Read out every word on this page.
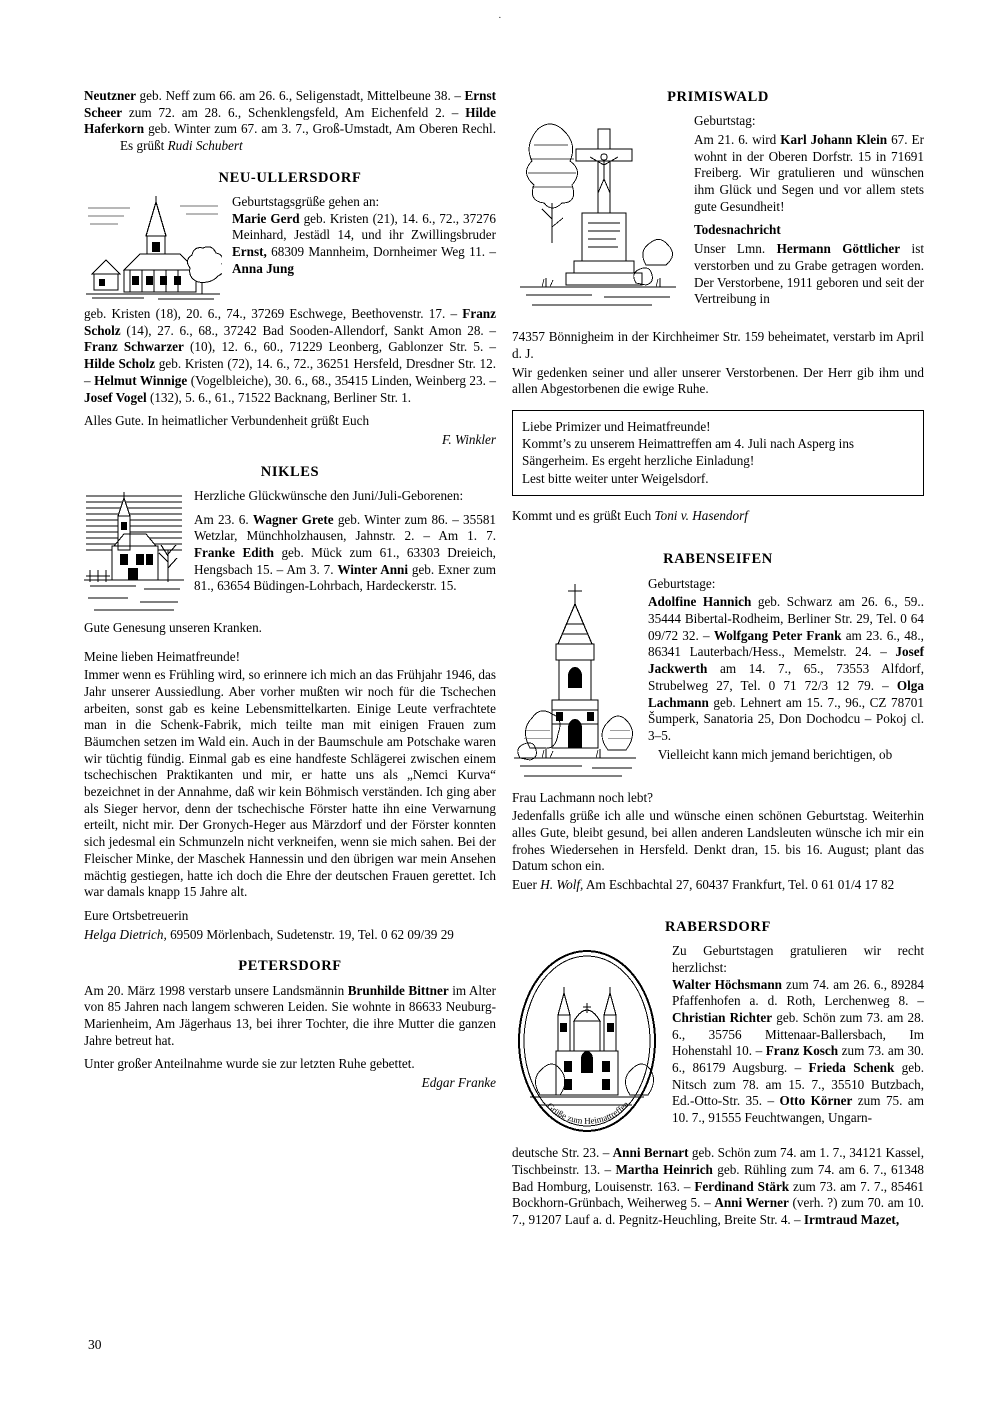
·
Neutzner geb. Neff zum 66. am 26. 6., Seligenstadt, Mittelbeune 38. – Ernst Scheer zum 72. am 28. 6., Schenklengsfeld, Am Eichenfeld 2. – Hilde Haferkorn geb. Winter zum 67. am 3. 7., Groß-Umstadt, Am Oberen Rechl. Es grüßt Rudi Schubert
NEU-ULLERSDORF
Geburtstagsgrüße gehen an:
Marie Gerd geb. Kristen (21), 14. 6., 72., 37276 Meinhard, Jestädl 14, und ihr Zwillingsbruder Ernst, 68309 Mannheim, Dornheimer Weg 11. – Anna Jung
geb. Kristen (18), 20. 6., 74., 37269 Eschwege, Beethovenstr. 17. – Franz Scholz (14), 27. 6., 68., 37242 Bad Sooden-Allendorf, Sankt Amon 28. – Franz Schwarzer (10), 12. 6., 60., 71229 Leonberg, Gablonzer Str. 5. – Hilde Scholz geb. Kristen (72), 14. 6., 72., 36251 Hersfeld, Dresdner Str. 12. – Helmut Winnige (Vogelbleiche), 30. 6., 68., 35415 Linden, Weinberg 23. – Josef Vogel (132), 5. 6., 61., 71522 Backnang, Berliner Str. 1.
Alles Gute. In heimatlicher Verbundenheit grüßt Euch
F. Winkler
NIKLES
Herzliche Glückwünsche den Juni/Juli-Geborenen:
Am 23. 6. Wagner Grete geb. Winter zum 86. – 35581 Wetzlar, Münchholzhausen, Jahnstr. 2. – Am 1. 7. Franke Edith geb. Mück zum 61., 63303 Dreieich, Hengsbach 15. – Am 3. 7. Winter Anni geb. Exner zum 81., 63654 Büdingen-Lohrbach, Hardeckerstr. 15.
Gute Genesung unseren Kranken.
Meine lieben Heimatfreunde!
Immer wenn es Frühling wird, so erinnere ich mich an das Frühjahr 1946, das Jahr unserer Aussiedlung. Aber vorher mußten wir noch für die Tschechen arbeiten, sonst gab es keine Lebensmittelkarten. Einige Leute verfrachtete man in die Schenk-Fabrik, mich teilte man mit einigen Frauen zum Bäumchen setzen im Wald ein. Auch in der Baumschule am Potschake waren wir tüchtig fündig. Einmal gab es eine handfeste Schlägerei zwischen einem tschechischen Praktikanten und mir, er hatte uns als „Nemci Kurva“ bezeichnet in der Annahme, daß wir kein Böhmisch verständen. Ich ging aber als Sieger hervor, denn der tschechische Förster hatte ihn eine Verwarnung erteilt, nicht mir. Der Gronych-Heger aus Märzdorf und der Förster konnten sich jedesmal ein Schmunzeln nicht verkneifen, wenn sie mich sahen. Bei der Fleischer Minke, der Maschek Hannessin und den übrigen war mein Ansehen mächtig gestiegen, hatte ich doch die Ehre der deutschen Frauen gerettet. Ich war damals knapp 15 Jahre alt.
Eure Ortsbetreuerin
Helga Dietrich, 69509 Mörlenbach, Sudetenstr. 19, Tel. 0 62 09/39 29
PETERSDORF
Am 20. März 1998 verstarb unsere Landsmännin Brunhilde Bittner im Alter von 85 Jahren nach langem schweren Leiden. Sie wohnte in 86633 Neuburg-Marienheim, Am Jägerhaus 13, bei ihrer Tochter, die ihre Mutter die ganzen Jahre betreut hat.
Unter großer Anteilnahme wurde sie zur letzten Ruhe gebettet.
Edgar Franke
PRIMISWALD
Geburtstag:
Am 21. 6. wird Karl Johann Klein 67. Er wohnt in der Oberen Dorfstr. 15 in 71691 Freiberg. Wir gratulieren und wünschen ihm Glück und Segen und vor allem stets gute Gesundheit!
Todesnachricht
Unser Lmn. Hermann Göttlicher ist verstorben und zu Grabe getragen worden. Der Verstorbene, 1911 geboren und seit der Vertreibung in
74357 Bönnigheim in der Kirchheimer Str. 159 beheimatet, verstarb im April d. J.
Wir gedenken seiner und aller unserer Verstorbenen. Der Herr gib ihm und allen Abgestorbenen die ewige Ruhe.
Liebe Primizer und Heimatfreunde!
Kommt’s zu unserem Heimattreffen am 4. Juli nach Asperg ins Sängerheim. Es ergeht herzliche Einladung!
Lest bitte weiter unter Weigelsdorf.
Kommt und es grüßt Euch Toni v. Hasendorf
RABENSEIFEN
Geburtstage:
Adolfine Hannich geb. Schwarz am 26. 6., 59.. 35444 Bibertal-Rodheim, Berliner Str. 29, Tel. 0 64 09/72 32. – Wolfgang Peter Frank am 23. 6., 48., 86341 Lauterbach/Hess., Memelstr. 24. – Josef Jackwerth am 14. 7., 65., 73553 Alfdorf, Strubelweg 27, Tel. 0 71 72/3 12 79. – Olga Lachmann geb. Lehnert am 15. 7., 96., CZ 78701 Šumperk, Sanatoria 25, Don Dochodcu – Pokoj cl. 3–5.
Vielleicht kann mich jemand berichtigen, ob
Frau Lachmann noch lebt?
Jedenfalls grüße ich alle und wünsche einen schönen Geburtstag. Weiterhin alles Gute, bleibt gesund, bei allen anderen Landsleuten wünsche ich mir ein frohes Wiedersehen in Hersfeld. Denkt dran, 15. bis 16. August; plant das Datum schon ein.
Euer H. Wolf, Am Eschbachtal 27, 60437 Frankfurt, Tel. 0 61 01/4 17 82
RABERSDORF
Grüße zum Heimattreffen
Zu Geburtstagen gratulieren wir recht herzlichst:
Walter Höchsmann zum 74. am 26. 6., 89284 Pfaffenhofen a. d. Roth, Lerchenweg 8. – Christian Richter geb. Schön zum 73. am 28. 6., 35756 Mittenaar-Ballersbach, Im Hohenstahl 10. – Franz Kosch zum 73. am 30. 6., 86179 Augsburg. – Frieda Schenk geb. Nitsch zum 78. am 15. 7., 35510 Butzbach, Ed.-Otto-Str. 35. – Otto Körner zum 75. am 10. 7., 91555 Feuchtwangen, Ungarn-
deutsche Str. 23. – Anni Bernart geb. Schön zum 74. am 1. 7., 34121 Kassel, Tischbeinstr. 13. – Martha Heinrich geb. Rühling zum 74. am 6. 7., 61348 Bad Homburg, Louisenstr. 163. – Ferdinand Stärk zum 73. am 7. 7., 85461 Bockhorn-Grünbach, Weiherweg 5. – Anni Werner (verh. ?) zum 70. am 10. 7., 91207 Lauf a. d. Pegnitz-Heuchling, Breite Str. 4. – Irmtraud Mazet,
30
